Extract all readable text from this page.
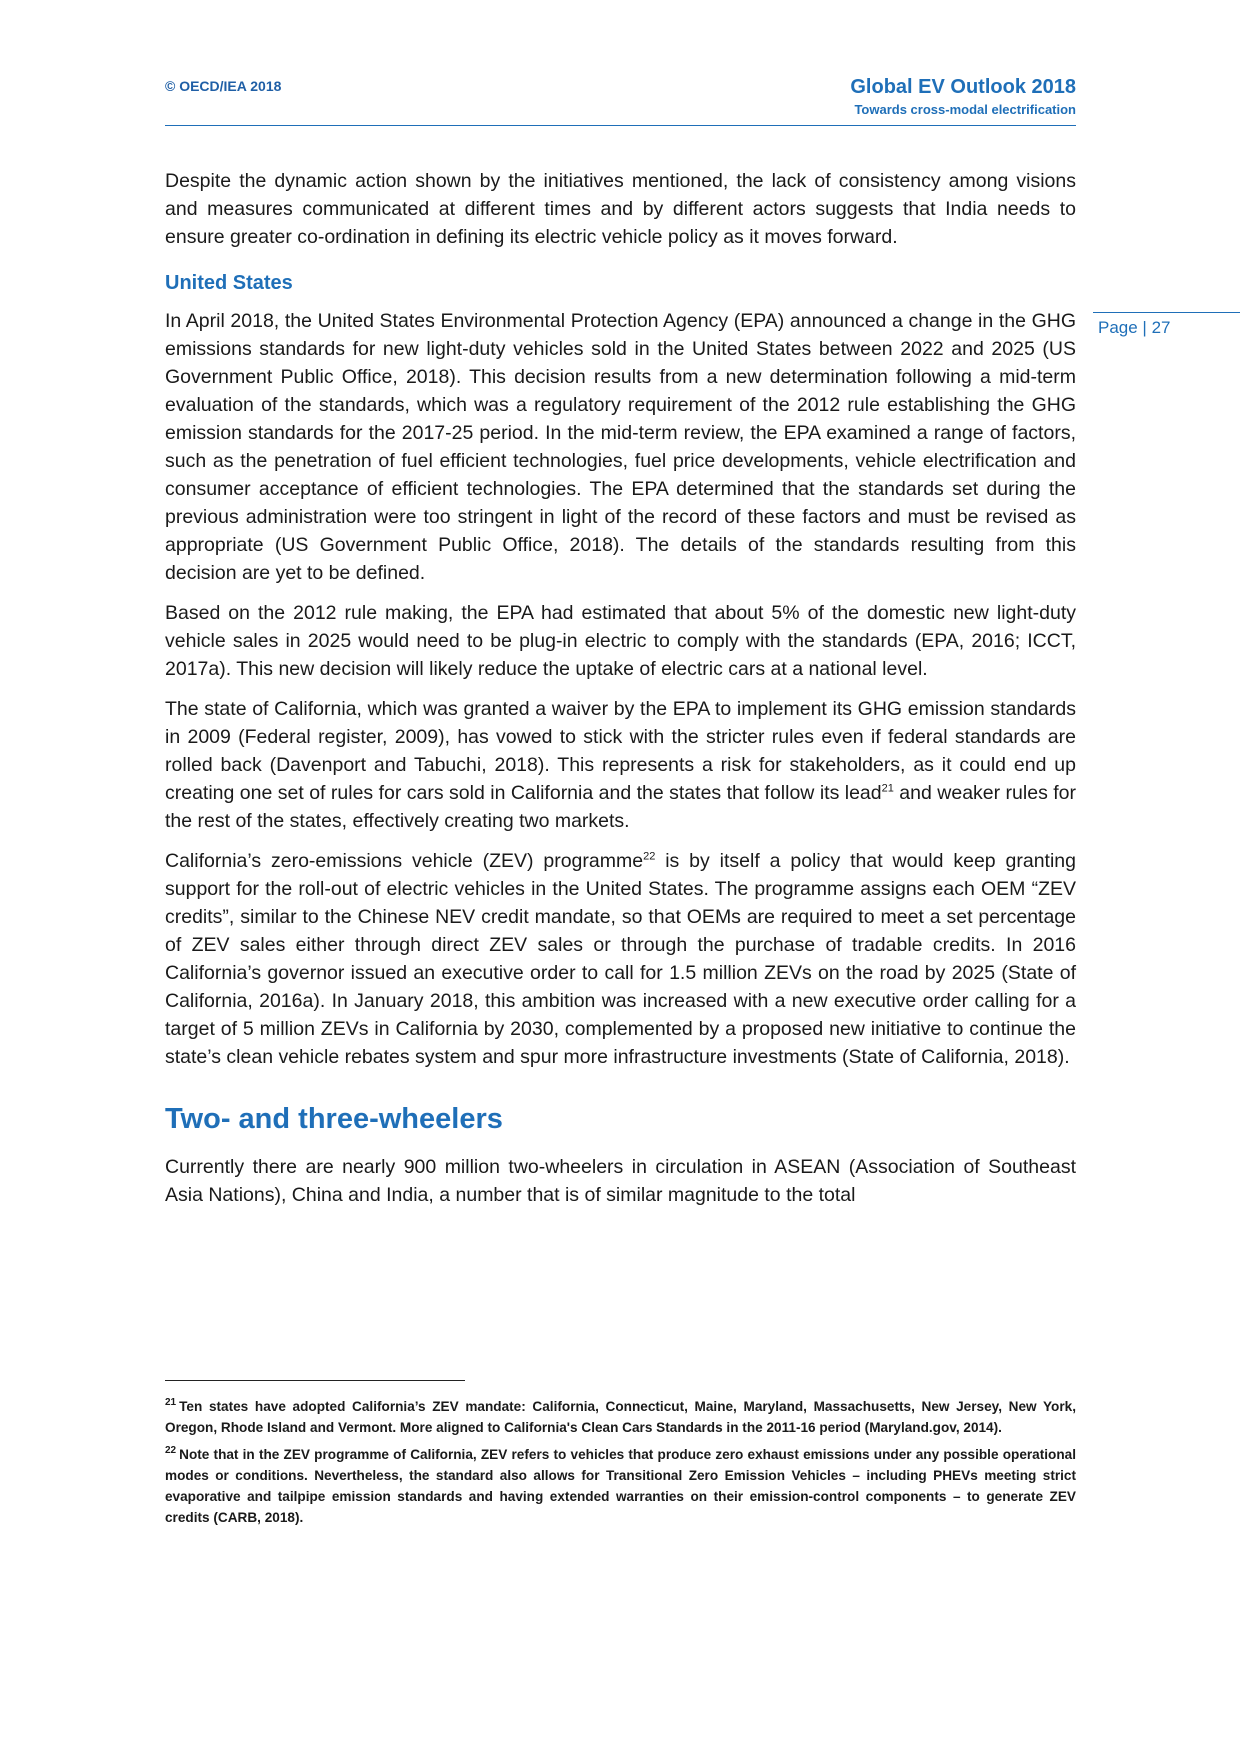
© OECD/IEA 2018	Global EV Outlook 2018
Towards cross-modal electrification
Page | 27

Despite the dynamic action shown by the initiatives mentioned, the lack of consistency among visions and measures communicated at different times and by different actors suggests that India needs to ensure greater co-ordination in defining its electric vehicle policy as it moves forward.

United States

In April 2018, the United States Environmental Protection Agency (EPA) announced a change in the GHG emissions standards for new light-duty vehicles sold in the United States between 2022 and 2025 (US Government Public Office, 2018). This decision results from a new determination following a mid-term evaluation of the standards, which was a regulatory requirement of the 2012 rule establishing the GHG emission standards for the 2017-25 period. In the mid-term review, the EPA examined a range of factors, such as the penetration of fuel efficient technologies, fuel price developments, vehicle electrification and consumer acceptance of efficient technologies. The EPA determined that the standards set during the previous administration were too stringent in light of the record of these factors and must be revised as appropriate (US Government Public Office, 2018). The details of the standards resulting from this decision are yet to be defined.

Based on the 2012 rule making, the EPA had estimated that about 5% of the domestic new light-duty vehicle sales in 2025 would need to be plug-in electric to comply with the standards (EPA, 2016; ICCT, 2017a). This new decision will likely reduce the uptake of electric cars at a national level.

The state of California, which was granted a waiver by the EPA to implement its GHG emission standards in 2009 (Federal register, 2009), has vowed to stick with the stricter rules even if federal standards are rolled back (Davenport and Tabuchi, 2018). This represents a risk for stakeholders, as it could end up creating one set of rules for cars sold in California and the states that follow its lead$^{21}$ and weaker rules for the rest of the states, effectively creating two markets.

California’s zero-emissions vehicle (ZEV) programme$^{22}$ is by itself a policy that would keep granting support for the roll-out of electric vehicles in the United States. The programme assigns each OEM “ZEV credits”, similar to the Chinese NEV credit mandate, so that OEMs are required to meet a set percentage of ZEV sales either through direct ZEV sales or through the purchase of tradable credits. In 2016 California’s governor issued an executive order to call for 1.5 million ZEVs on the road by 2025 (State of California, 2016a). In January 2018, this ambition was increased with a new executive order calling for a target of 5 million ZEVs in California by 2030, complemented by a proposed new initiative to continue the state’s clean vehicle rebates system and spur more infrastructure investments (State of California, 2018).

Two- and three-wheelers

Currently there are nearly 900 million two-wheelers in circulation in ASEAN (Association of Southeast Asia Nations), China and India, a number that is of similar magnitude to the total

$^{21}$ Ten states have adopted California’s ZEV mandate: California, Connecticut, Maine, Maryland, Massachusetts, New Jersey, New York, Oregon, Rhode Island and Vermont. More aligned to California's Clean Cars Standards in the 2011-16 period (Maryland.gov, 2014).

$^{22}$ Note that in the ZEV programme of California, ZEV refers to vehicles that produce zero exhaust emissions under any possible operational modes or conditions. Nevertheless, the standard also allows for Transitional Zero Emission Vehicles – including PHEVs meeting strict evaporative and tailpipe emission standards and having extended warranties on their emission-control components – to generate ZEV credits (CARB, 2018).
